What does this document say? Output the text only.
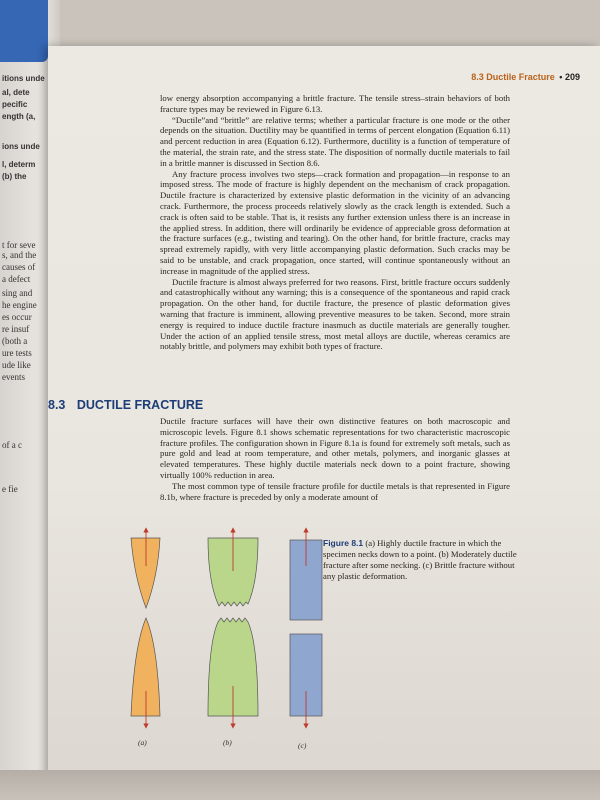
itions unde
al, dete
pecific
ength (a,
ions unde
l, determ
(b) the
t for seve
s, and the
causes of
a defect
sing and
he engine
es occur
re insuf
(both a
ure tests
ude like
events
of a c
e fie
8.3 Ductile Fracture • 209

low energy absorption accompanying a brittle fracture. The tensile stress–strain behaviors of both fracture types may be reviewed in Figure 6.13.

“Ductile”and “brittle” are relative terms; whether a particular fracture is one mode or the other depends on the situation. Ductility may be quantified in terms of percent elongation (Equation 6.11) and percent reduction in area (Equation 6.12). Furthermore, ductility is a function of temperature of the material, the strain rate, and the stress state. The disposition of normally ductile materials to fail in a brittle manner is discussed in Section 8.6.

Any fracture process involves two steps—crack formation and propagation—in response to an imposed stress. The mode of fracture is highly dependent on the mechanism of crack propagation. Ductile fracture is characterized by extensive plastic deformation in the vicinity of an advancing crack. Furthermore, the process proceeds relatively slowly as the crack length is extended. Such a crack is often said to be stable. That is, it resists any further extension unless there is an increase in the applied stress. In addition, there will ordinarily be evidence of appreciable gross deformation at the fracture surfaces (e.g., twisting and tearing). On the other hand, for brittle fracture, cracks may spread extremely rapidly, with very little accompanying plastic deformation. Such cracks may be said to be unstable, and crack propagation, once started, will continue spontaneously without an increase in magnitude of the applied stress.

Ductile fracture is almost always preferred for two reasons. First, brittle fracture occurs suddenly and catastrophically without any warning; this is a consequence of the spontaneous and rapid crack propagation. On the other hand, for ductile fracture, the presence of plastic deformation gives warning that fracture is imminent, allowing preventive measures to be taken. Second, more strain energy is required to induce ductile fracture inasmuch as ductile materials are generally tougher. Under the action of an applied tensile stress, most metal alloys are ductile, whereas ceramics are notably brittle, and polymers may exhibit both types of fracture.

8.3 DUCTILE FRACTURE

Ductile fracture surfaces will have their own distinctive features on both macroscopic and microscopic levels. Figure 8.1 shows schematic representations for two characteristic macroscopic fracture profiles. The configuration shown in Figure 8.1a is found for extremely soft metals, such as pure gold and lead at room temperature, and other metals, polymers, and inorganic glasses at elevated temperatures. These highly ductile materials neck down to a point fracture, showing virtually 100% reduction in area.

The most common type of tensile fracture profile for ductile metals is that represented in Figure 8.1b, where fracture is preceded by only a moderate amount of

(a)	(b)	(c)
Figure 8.1 (a) Highly ductile fracture in which the specimen necks down to a point. (b) Moderately ductile fracture after some necking. (c) Brittle fracture without any plastic deformation.
